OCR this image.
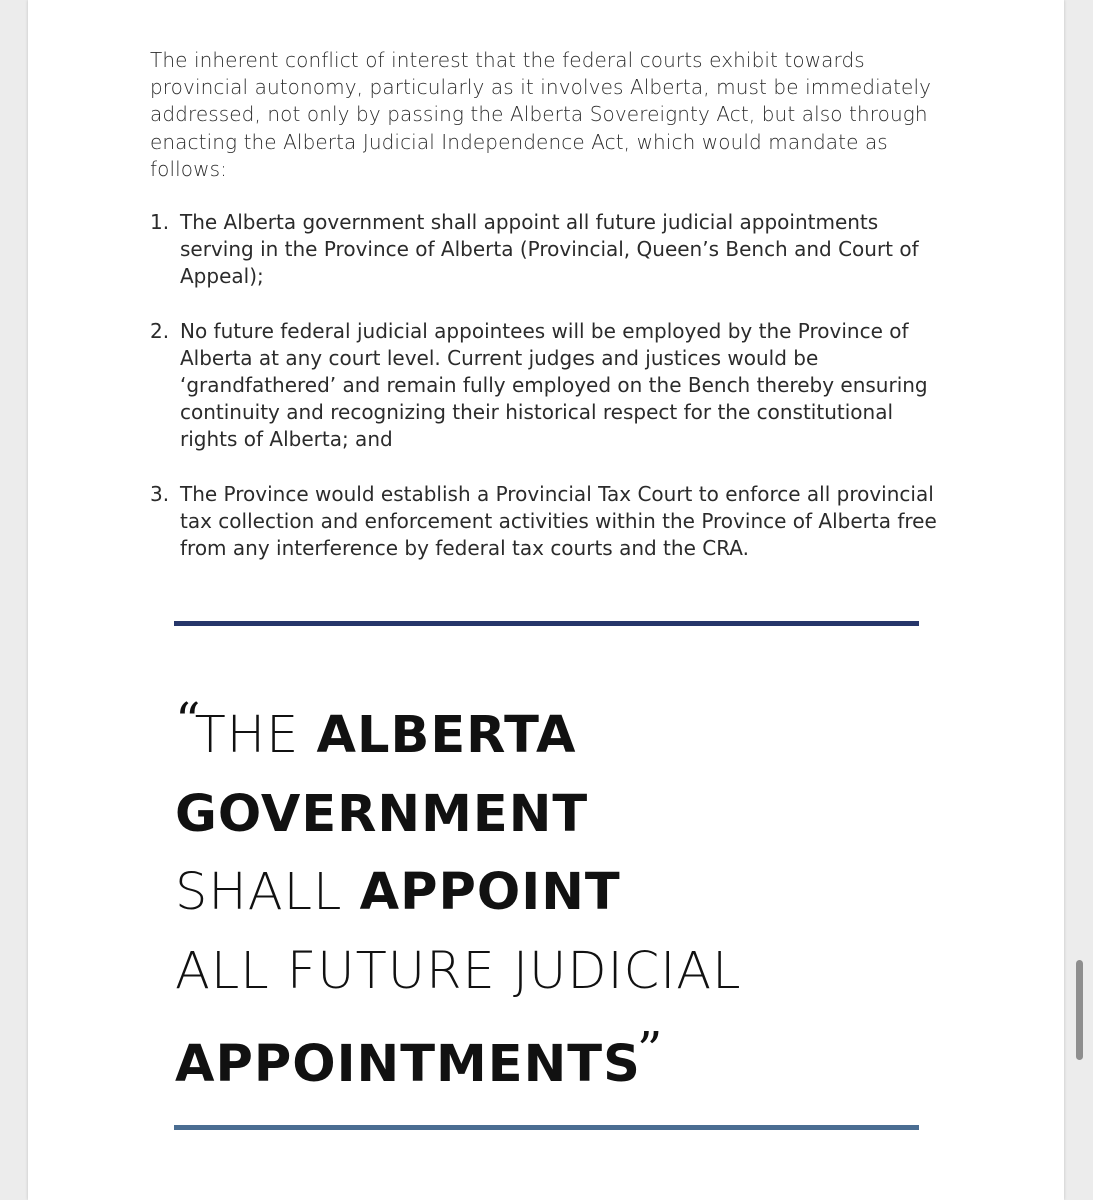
The inherent conflict of interest that the federal courts exhibit towards provincial autonomy, particularly as it involves Alberta, must be immediately addressed, not only by passing the Alberta Sovereignty Act, but also through enacting the Alberta Judicial Independence Act, which would mandate as follows:

1. The Alberta government shall appoint all future judicial appointments serving in the Province of Alberta (Provincial, Queen’s Bench and Court of Appeal);
2. No future federal judicial appointees will be employed by the Province of Alberta at any court level. Current judges and justices would be ‘grandfathered’ and remain fully employed on the Bench thereby ensuring continuity and recognizing their historical respect for the constitutional rights of Alberta; and
3. The Province would establish a Provincial Tax Court to enforce all provincial tax collection and enforcement activities within the Province of Alberta free from any interference by federal tax courts and the CRA.
“THE ALBERTA
GOVERNMENT
SHALL APPOINT
ALL FUTURE JUDICIAL
APPOINTMENTS”
